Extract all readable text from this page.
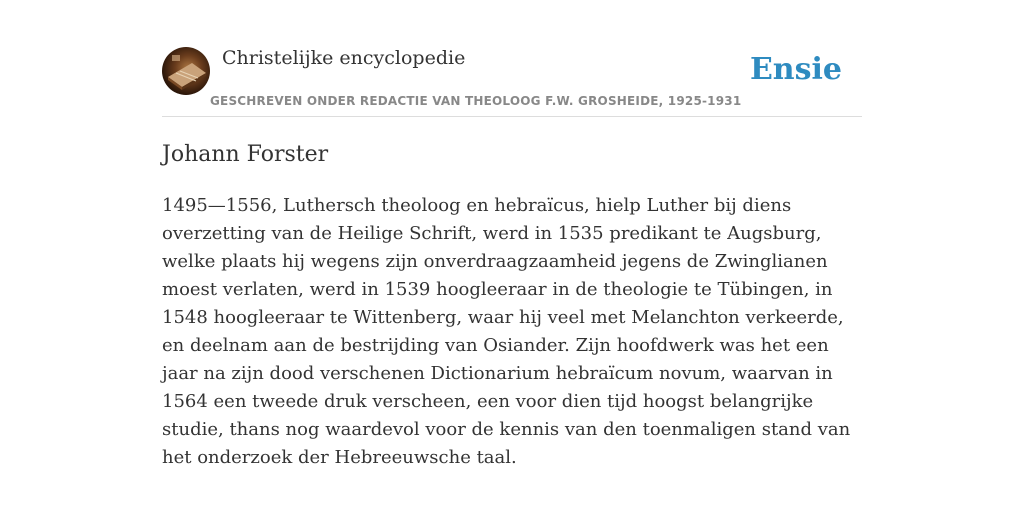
Christelijke encyclopedie
GESCHREVEN ONDER REDACTIE VAN THEOLOOG F.W. GROSHEIDE, 1925-1931
Ensie
Johann Forster

1495—1556, Luthersch theoloog en hebraïcus, hielp Luther bij diens overzetting van de Heilige Schrift, werd in 1535 predikant te Augsburg, welke plaats hij wegens zijn onverdraagzaamheid jegens de Zwinglianen moest verlaten, werd in 1539 hoogleeraar in de theologie te Tübingen, in 1548 hoogleeraar te Wittenberg, waar hij veel met Melanchton verkeerde, en deelnam aan de bestrijding van Osiander. Zijn hoofdwerk was het een jaar na zijn dood verschenen Dictionarium hebraïcum novum, waarvan in 1564 een tweede druk verscheen, een voor dien tijd hoogst belangrijke studie, thans nog waardevol voor de kennis van den toenmaligen stand van het onderzoek der Hebreeuwsche taal.
